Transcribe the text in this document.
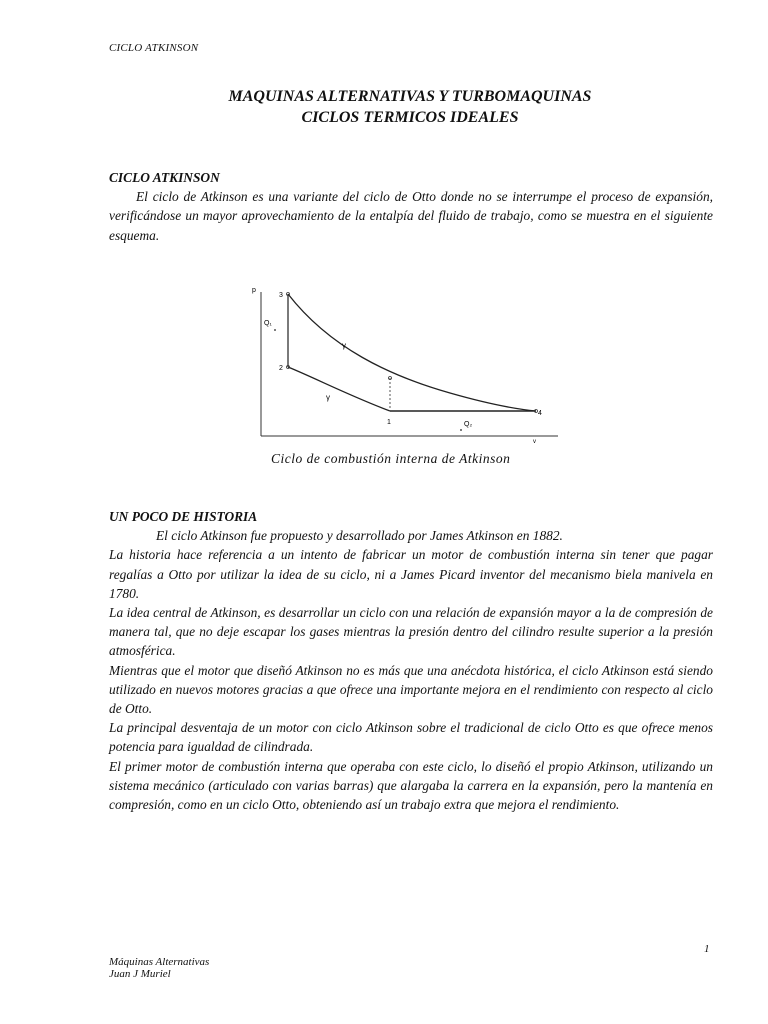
CICLO ATKINSON
MAQUINAS ALTERNATIVAS Y TURBOMAQUINAS
CICLOS TERMICOS IDEALES
CICLO ATKINSON

El ciclo de Atkinson es una variante del ciclo de Otto donde no se interrumpe el proceso de expansión, verificándose un mayor aprovechamiento de la entalpía del fluido de trabajo, como se muestra en el siguiente esquema.

p
v
3
2
1
4
Q₁
Q₂
γ
γ
Ciclo de combustión interna de Atkinson
UN POCO DE HISTORIA

El ciclo Atkinson fue propuesto y desarrollado por James Atkinson en 1882.

La historia hace referencia a un intento de fabricar un motor de combustión interna sin tener que pagar regalías a Otto por utilizar la idea de su ciclo, ni a James Picard inventor del mecanismo biela manivela en 1780.

La idea central de Atkinson, es desarrollar un ciclo con una relación de expansión mayor a la de compresión de manera tal, que no deje escapar los gases mientras la presión dentro del cilindro resulte superior a la presión atmosférica.

Mientras que el motor que diseñó Atkinson no es más que una anécdota histórica, el ciclo Atkinson está siendo utilizado en nuevos motores gracias a que ofrece una importante mejora en el rendimiento con respecto al ciclo de Otto.

La principal desventaja de un motor con ciclo Atkinson sobre el tradicional de ciclo Otto es que ofrece menos potencia para igualdad de cilindrada.

El primer motor de combustión interna que operaba con este ciclo, lo diseñó el propio Atkinson, utilizando un sistema mecánico (articulado con varias barras) que alargaba la carrera en la expansión, pero la mantenía en compresión, como en un ciclo Otto, obteniendo así un trabajo extra que mejora el rendimiento.

1
Máquinas Alternativas
Juan J Muriel
